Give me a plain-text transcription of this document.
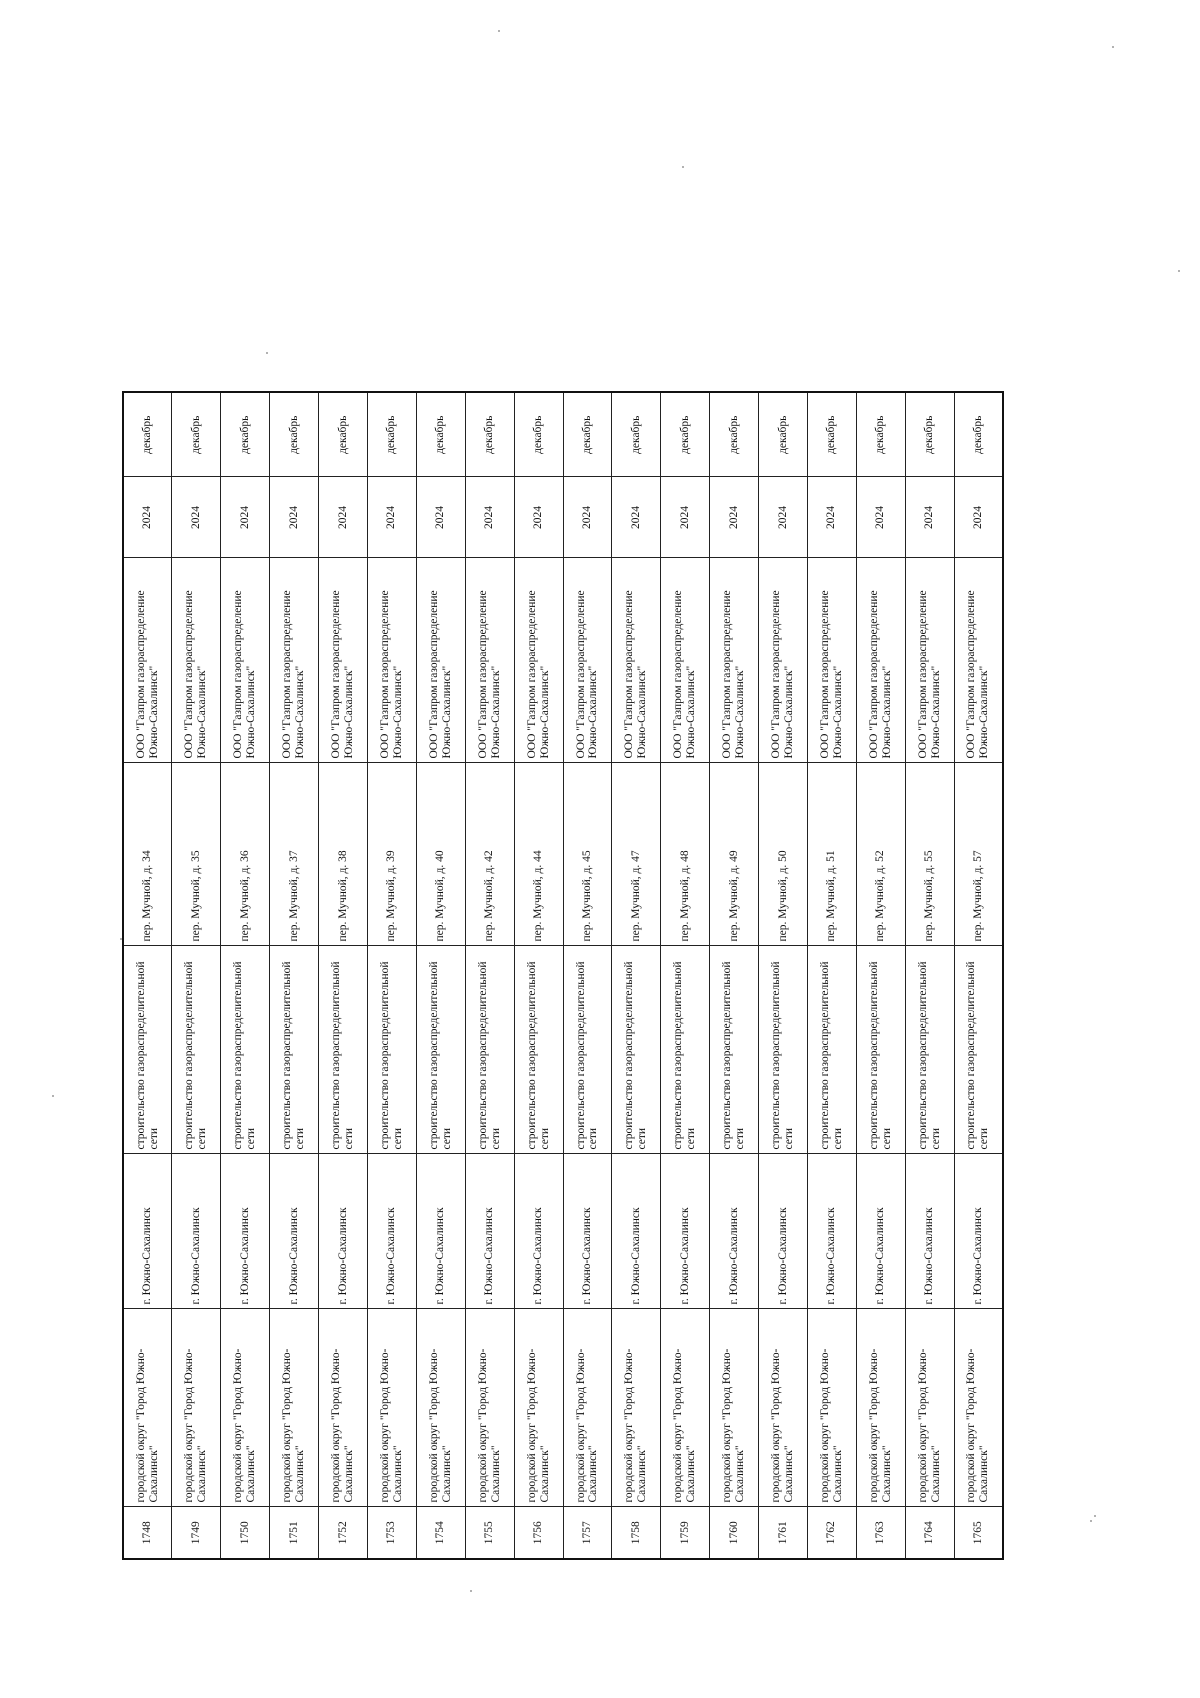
1748	городской округ "Город Южно-Сахалинск"	г. Южно-Сахалинск	строительство газораспределительной сети	пер. Мучной, д. 34	ООО "Газпром газораспределение Южно-Сахалинск"	2024	декабрь
1749	городской округ "Город Южно-Сахалинск"	г. Южно-Сахалинск	строительство газораспределительной сети	пер. Мучной, д. 35	ООО "Газпром газораспределение Южно-Сахалинск"	2024	декабрь
1750	городской округ "Город Южно-Сахалинск"	г. Южно-Сахалинск	строительство газораспределительной сети	пер. Мучной, д. 36	ООО "Газпром газораспределение Южно-Сахалинск"	2024	декабрь
1751	городской округ "Город Южно-Сахалинск"	г. Южно-Сахалинск	строительство газораспределительной сети	пер. Мучной, д. 37	ООО "Газпром газораспределение Южно-Сахалинск"	2024	декабрь
1752	городской округ "Город Южно-Сахалинск"	г. Южно-Сахалинск	строительство газораспределительной сети	пер. Мучной, д. 38	ООО "Газпром газораспределение Южно-Сахалинск"	2024	декабрь
1753	городской округ "Город Южно-Сахалинск"	г. Южно-Сахалинск	строительство газораспределительной сети	пер. Мучной, д. 39	ООО "Газпром газораспределение Южно-Сахалинск"	2024	декабрь
1754	городской округ "Город Южно-Сахалинск"	г. Южно-Сахалинск	строительство газораспределительной сети	пер. Мучной, д. 40	ООО "Газпром газораспределение Южно-Сахалинск"	2024	декабрь
1755	городской округ "Город Южно-Сахалинск"	г. Южно-Сахалинск	строительство газораспределительной сети	пер. Мучной, д. 42	ООО "Газпром газораспределение Южно-Сахалинск"	2024	декабрь
1756	городской округ "Город Южно-Сахалинск"	г. Южно-Сахалинск	строительство газораспределительной сети	пер. Мучной, д. 44	ООО "Газпром газораспределение Южно-Сахалинск"	2024	декабрь
1757	городской округ "Город Южно-Сахалинск"	г. Южно-Сахалинск	строительство газораспределительной сети	пер. Мучной, д. 45	ООО "Газпром газораспределение Южно-Сахалинск"	2024	декабрь
1758	городской округ "Город Южно-Сахалинск"	г. Южно-Сахалинск	строительство газораспределительной сети	пер. Мучной, д. 47	ООО "Газпром газораспределение Южно-Сахалинск"	2024	декабрь
1759	городской округ "Город Южно-Сахалинск"	г. Южно-Сахалинск	строительство газораспределительной сети	пер. Мучной, д. 48	ООО "Газпром газораспределение Южно-Сахалинск"	2024	декабрь
1760	городской округ "Город Южно-Сахалинск"	г. Южно-Сахалинск	строительство газораспределительной сети	пер. Мучной, д. 49	ООО "Газпром газораспределение Южно-Сахалинск"	2024	декабрь
1761	городской округ "Город Южно-Сахалинск"	г. Южно-Сахалинск	строительство газораспределительной сети	пер. Мучной, д. 50	ООО "Газпром газораспределение Южно-Сахалинск"	2024	декабрь
1762	городской округ "Город Южно-Сахалинск"	г. Южно-Сахалинск	строительство газораспределительной сети	пер. Мучной, д. 51	ООО "Газпром газораспределение Южно-Сахалинск"	2024	декабрь
1763	городской округ "Город Южно-Сахалинск"	г. Южно-Сахалинск	строительство газораспределительной сети	пер. Мучной, д. 52	ООО "Газпром газораспределение Южно-Сахалинск"	2024	декабрь
1764	городской округ "Город Южно-Сахалинск"	г. Южно-Сахалинск	строительство газораспределительной сети	пер. Мучной, д. 55	ООО "Газпром газораспределение Южно-Сахалинск"	2024	декабрь
1765	городской округ "Город Южно-Сахалинск"	г. Южно-Сахалинск	строительство газораспределительной сети	пер. Мучной, д. 57	ООО "Газпром газораспределение Южно-Сахалинск"	2024	декабрь
